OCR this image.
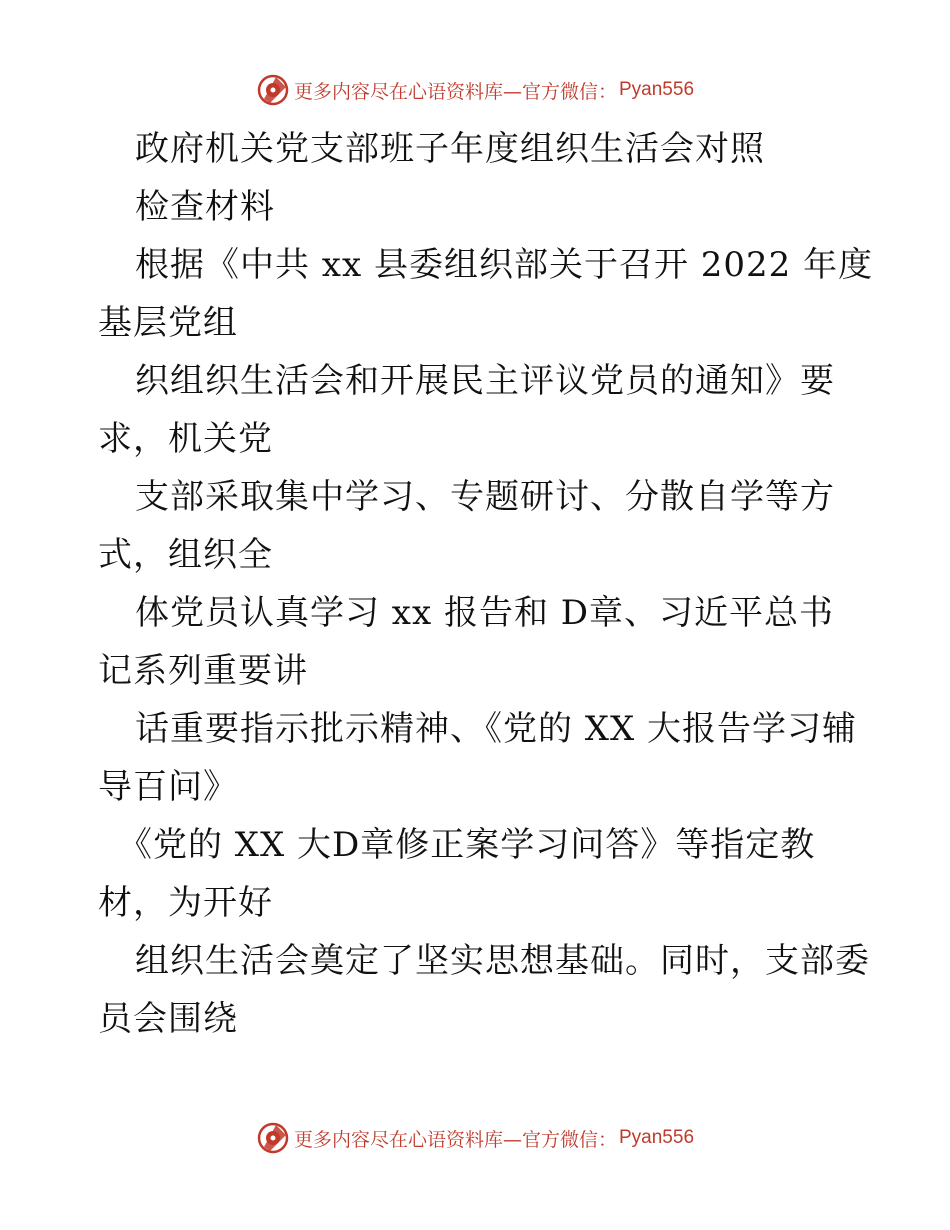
更多内容尽在心语资料库—官方微信： Pyan556
政府机关党支部班子年度组织生活会对照
检查材料
根据《中共 xx 县委组织部关于召开 2022 年度
基层党组
织组织生活会和开展民主评议党员的通知》要
求，机关党
支部采取集中学习、专题研讨、分散自学等方
式，组织全
体党员认真学习 xx 报告和 D章、习近平总书
记系列重要讲
话重要指示批示精神、《党的 XX 大报告学习辅
导百问》
《党的 XX 大D章修正案学习问答》等指定教
材，为开好
组织生活会奠定了坚实思想基础。同时，支部委
员会围绕
更多内容尽在心语资料库—官方微信： Pyan556
